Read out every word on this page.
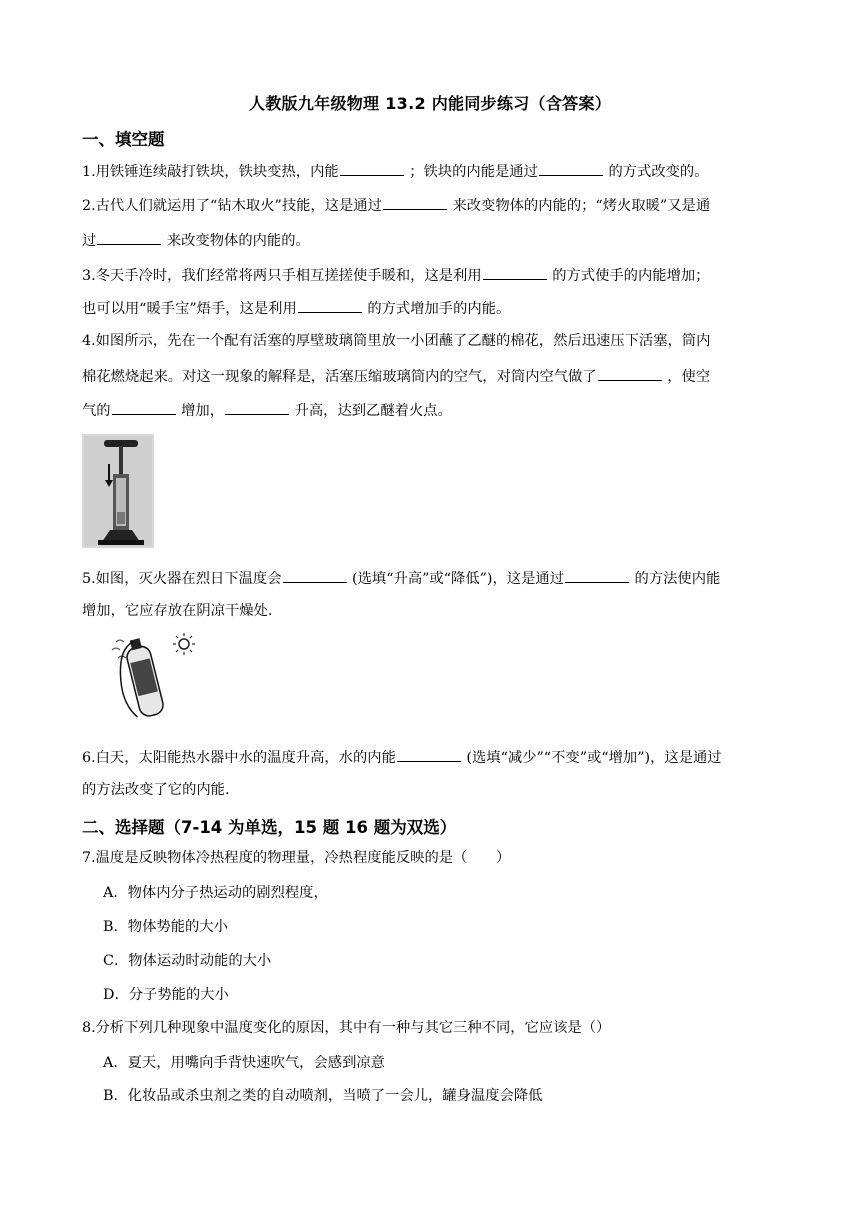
人教版九年级物理 13.2 内能同步练习（含答案）
一、填空题
1.用铁锤连续敲打铁块，铁块变热，内能	；铁块的内能是通过	的方式改变的。
2.古代人们就运用了“钻木取火”技能，这是通过	来改变物体的内能的；“烤火取暖”又是通
过	来改变物体的内能的。
3.冬天手冷时，我们经常将两只手相互搓搓使手暖和，这是利用	的方式使手的内能增加；
也可以用“暖手宝”焐手，这是利用	的方式增加手的内能。
4.如图所示，先在一个配有活塞的厚壁玻璃筒里放一小团蘸了乙醚的棉花，然后迅速压下活塞，筒内
棉花燃烧起来。对这一现象的解释是，活塞压缩玻璃筒内的空气，对筒内空气做了	，使空
气的	增加，	升高，达到乙醚着火点。
5.如图，灭火器在烈日下温度会	(选填“升高”或“降低”)，这是通过	的方法使内能
增加，它应存放在阴凉干燥处.
6.白天，太阳能热水器中水的温度升高，水的内能	(选填“减少”“不变”或“增加”)，这是通过
的方法改变了它的内能.
二、选择题（7-14 为单选，15 题 16 题为双选）
7.温度是反映物体冷热程度的物理量，冷热程度能反映的是（　　）
A．物体内分子热运动的剧烈程度，
B．物体势能的大小
C．物体运动时动能的大小
D．分子势能的大小
8.分析下列几种现象中温度变化的原因，其中有一种与其它三种不同，它应该是（）
A．夏天，用嘴向手背快速吹气，会感到凉意
B．化妆品或杀虫剂之类的自动喷剂，当喷了一会儿，罐身温度会降低
